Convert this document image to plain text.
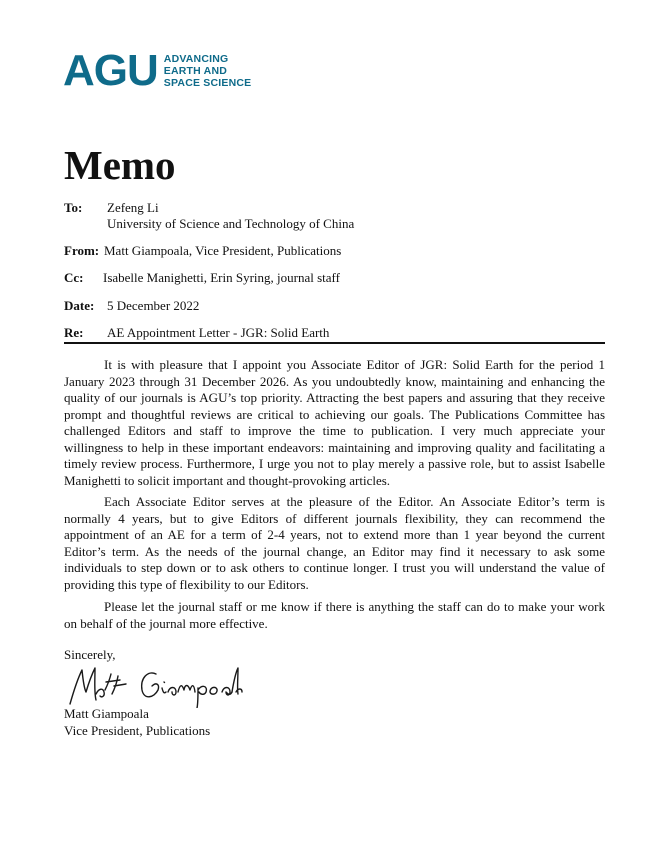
AGU ADVANCING
EARTH AND
SPACE SCIENCE
Memo
To: Zefeng Li
University of Science and Technology of China
From: Matt Giampoala, Vice President, Publications
Cc: Isabelle Manighetti, Erin Syring, journal staff
Date: 5 December 2022
Re: AE Appointment Letter - JGR: Solid Earth

It is with pleasure that I appoint you Associate Editor of JGR: Solid Earth for the period 1 January 2023 through 31 December 2026. As you undoubtedly know, maintaining and enhancing the quality of our journals is AGU’s top priority. Attracting the best papers and assuring that they receive prompt and thoughtful reviews are critical to achieving our goals. The Publications Committee has challenged Editors and staff to improve the time to publication. I very much appreciate your willingness to help in these important endeavors: maintaining and improving quality and facilitating a timely review process. Furthermore, I urge you not to play merely a passive role, but to assist Isabelle Manighetti to solicit important and thought-provoking articles.

Each Associate Editor serves at the pleasure of the Editor. An Associate Editor’s term is normally 4 years, but to give Editors of different journals flexibility, they can recommend the appointment of an AE for a term of 2-4 years, not to extend more than 1 year beyond the current Editor’s term. As the needs of the journal change, an Editor may find it necessary to ask some individuals to step down or to ask others to continue longer. I trust you will understand the value of providing this type of flexibility to our Editors.

Please let the journal staff or me know if there is anything the staff can do to make your work on behalf of the journal more effective.

Sincerely,
Matt Giampoala
Vice President, Publications
